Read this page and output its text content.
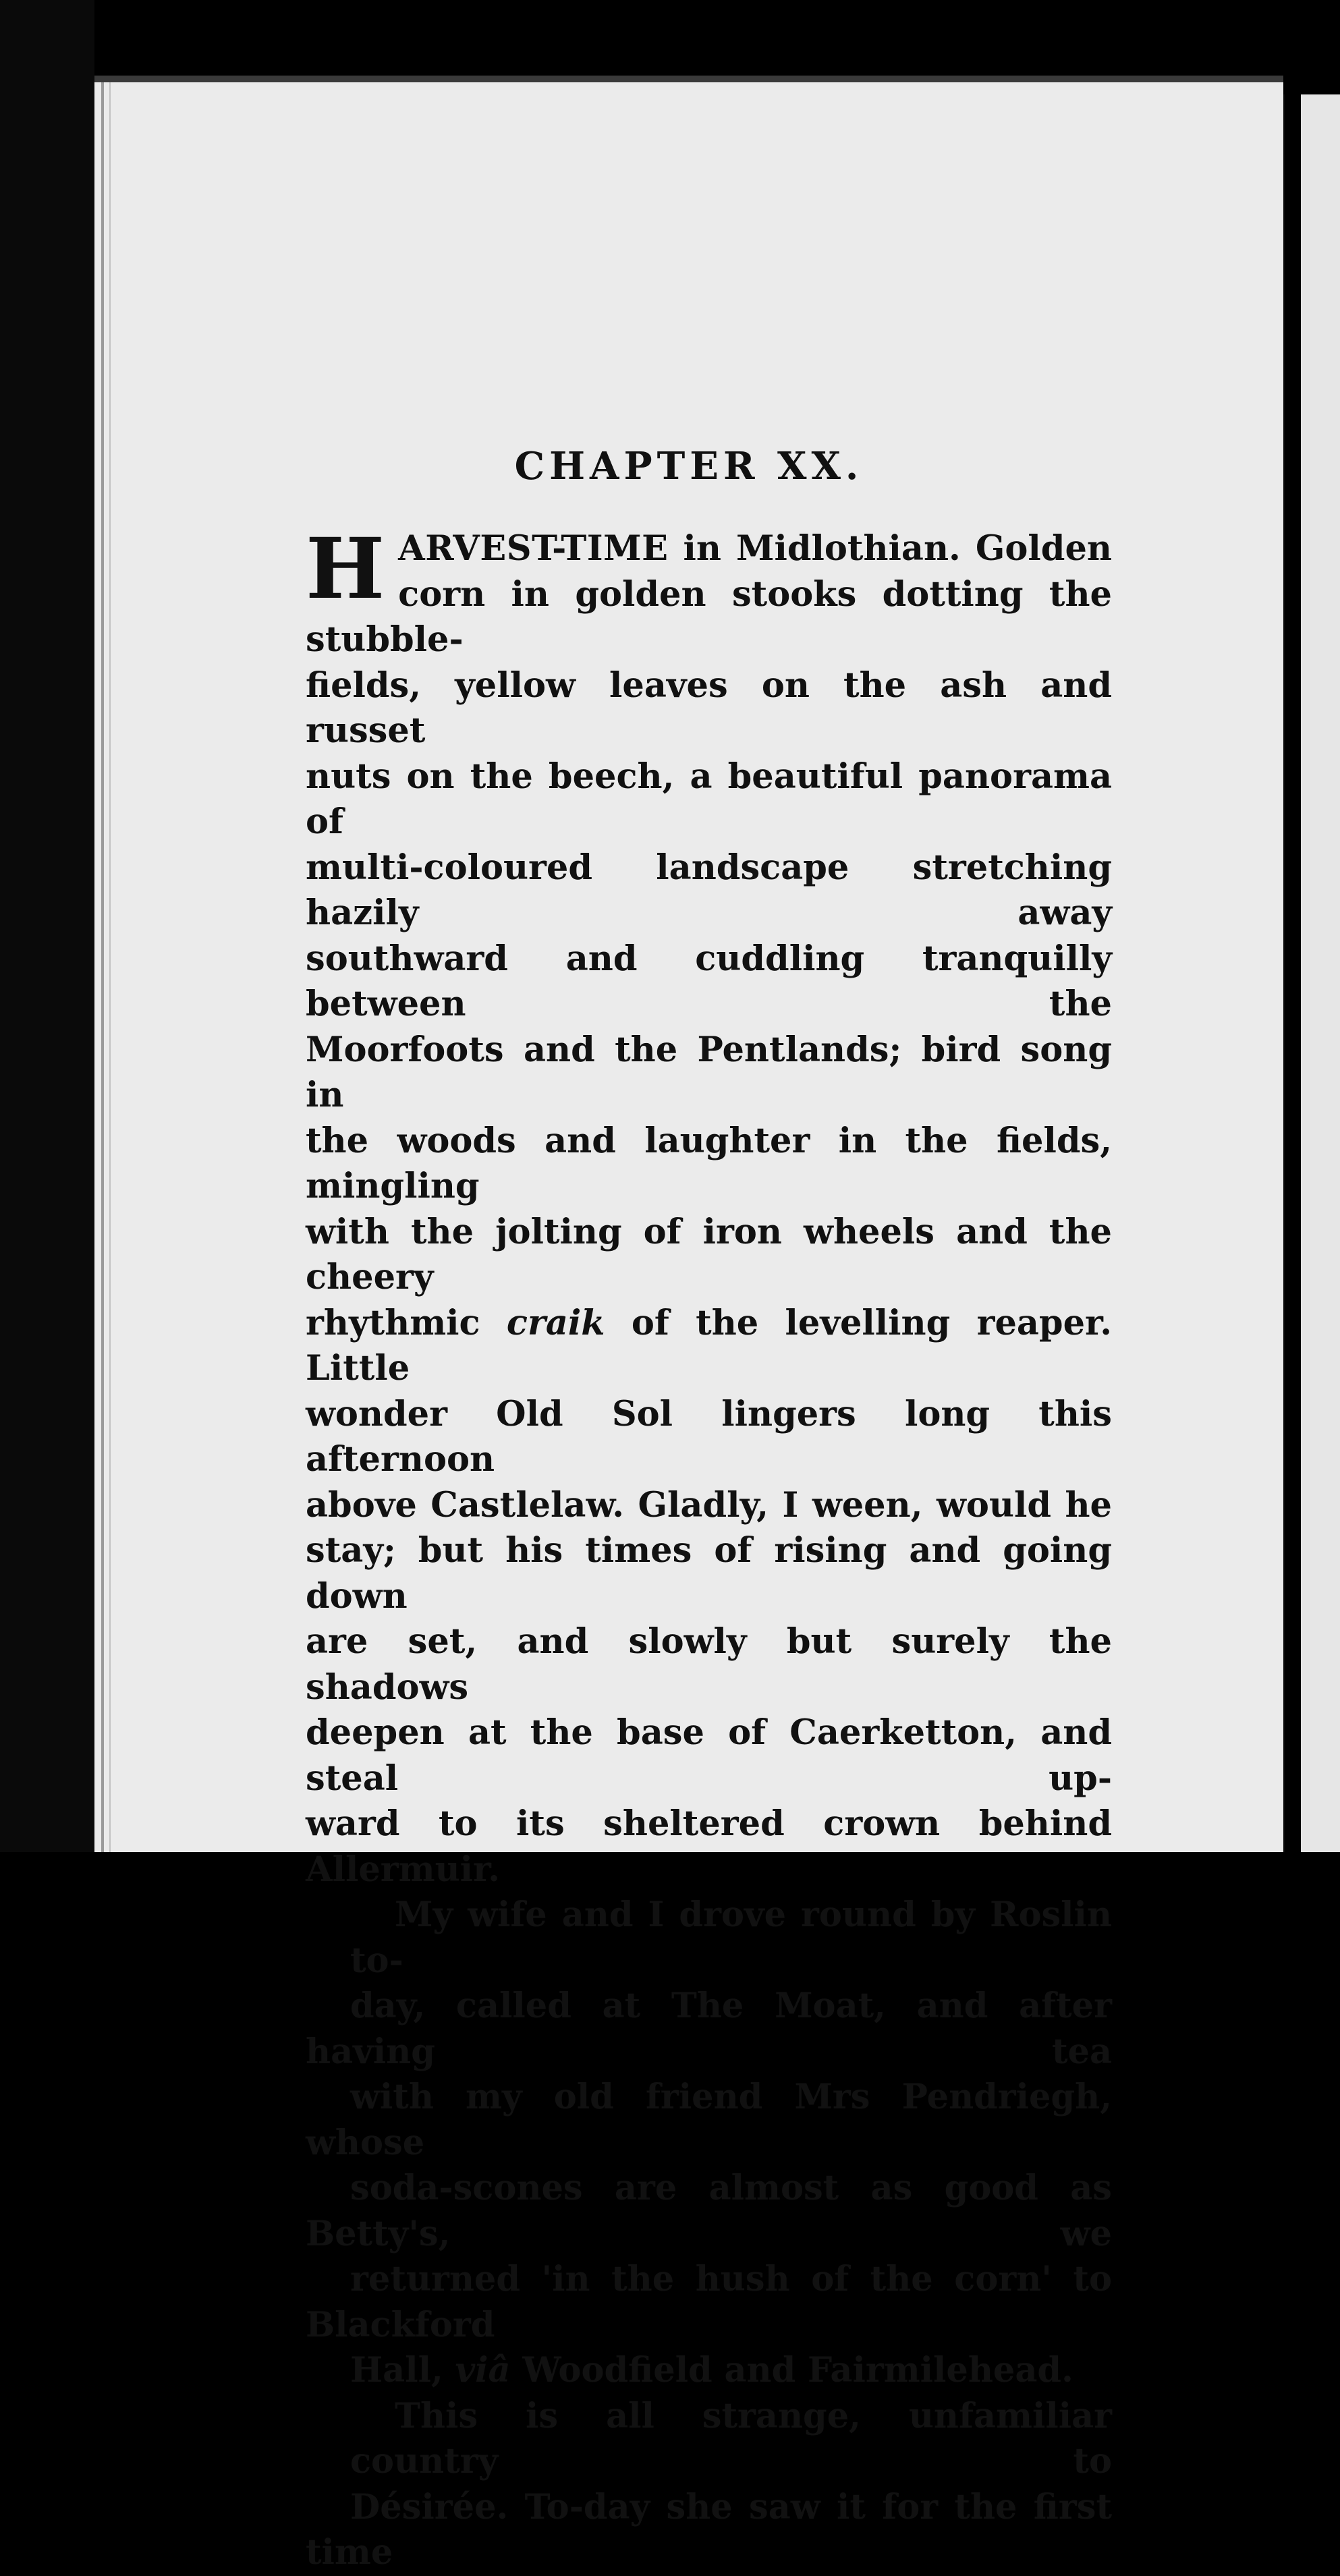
CHAPTER XX.
H ARVEST-TIME in Midlothian. Golden
corn in golden stooks dotting the stubble-
fields, yellow leaves on the ash and russet
nuts on the beech, a beautiful panorama of
multi-coloured landscape stretching hazily away
southward and cuddling tranquilly between the
Moorfoots and the Pentlands; bird song in
the woods and laughter in the fields, mingling
with the jolting of iron wheels and the cheery
rhythmic craik of the levelling reaper. Little
wonder Old Sol lingers long this afternoon
above Castlelaw. Gladly, I ween, would he
stay; but his times of rising and going down
are set, and slowly but surely the shadows
deepen at the base of Caerketton, and steal up-
ward to its sheltered crown behind Allermuir.
My wife and I drove round by Roslin to-
day, called at The Moat, and after having tea
with my old friend Mrs Pendriegh, whose
soda-scones are almost as good as Betty's, we
returned 'in the hush of the corn' to Blackford
Hall, viâ Woodfield and Fairmilehead.
This is all strange, unfamiliar country to
Désirée. To-day she saw it for the first time
